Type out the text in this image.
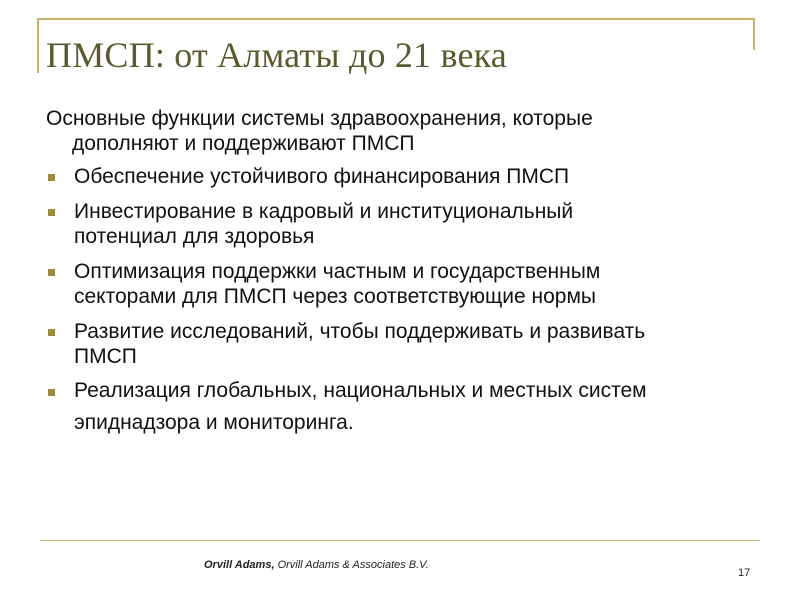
ПМСП: от Алматы до 21 века

Основные функции системы здравоохранения, которые
дополняют и поддерживают ПМСП

Обеспечение устойчивого финансирования ПМСП
Инвестирование в кадровый и институциональный
потенциал для здоровья
Оптимизация поддержки частным и государственным
секторами для ПМСП через соответствующие нормы
Развитие исследований, чтобы поддерживать и развивать
ПМСП
Реализация глобальных, национальных и местных систем
эпиднадзора и мониторинга.
Orvill Adams, Orvill Adams & Associates B.V.
17
